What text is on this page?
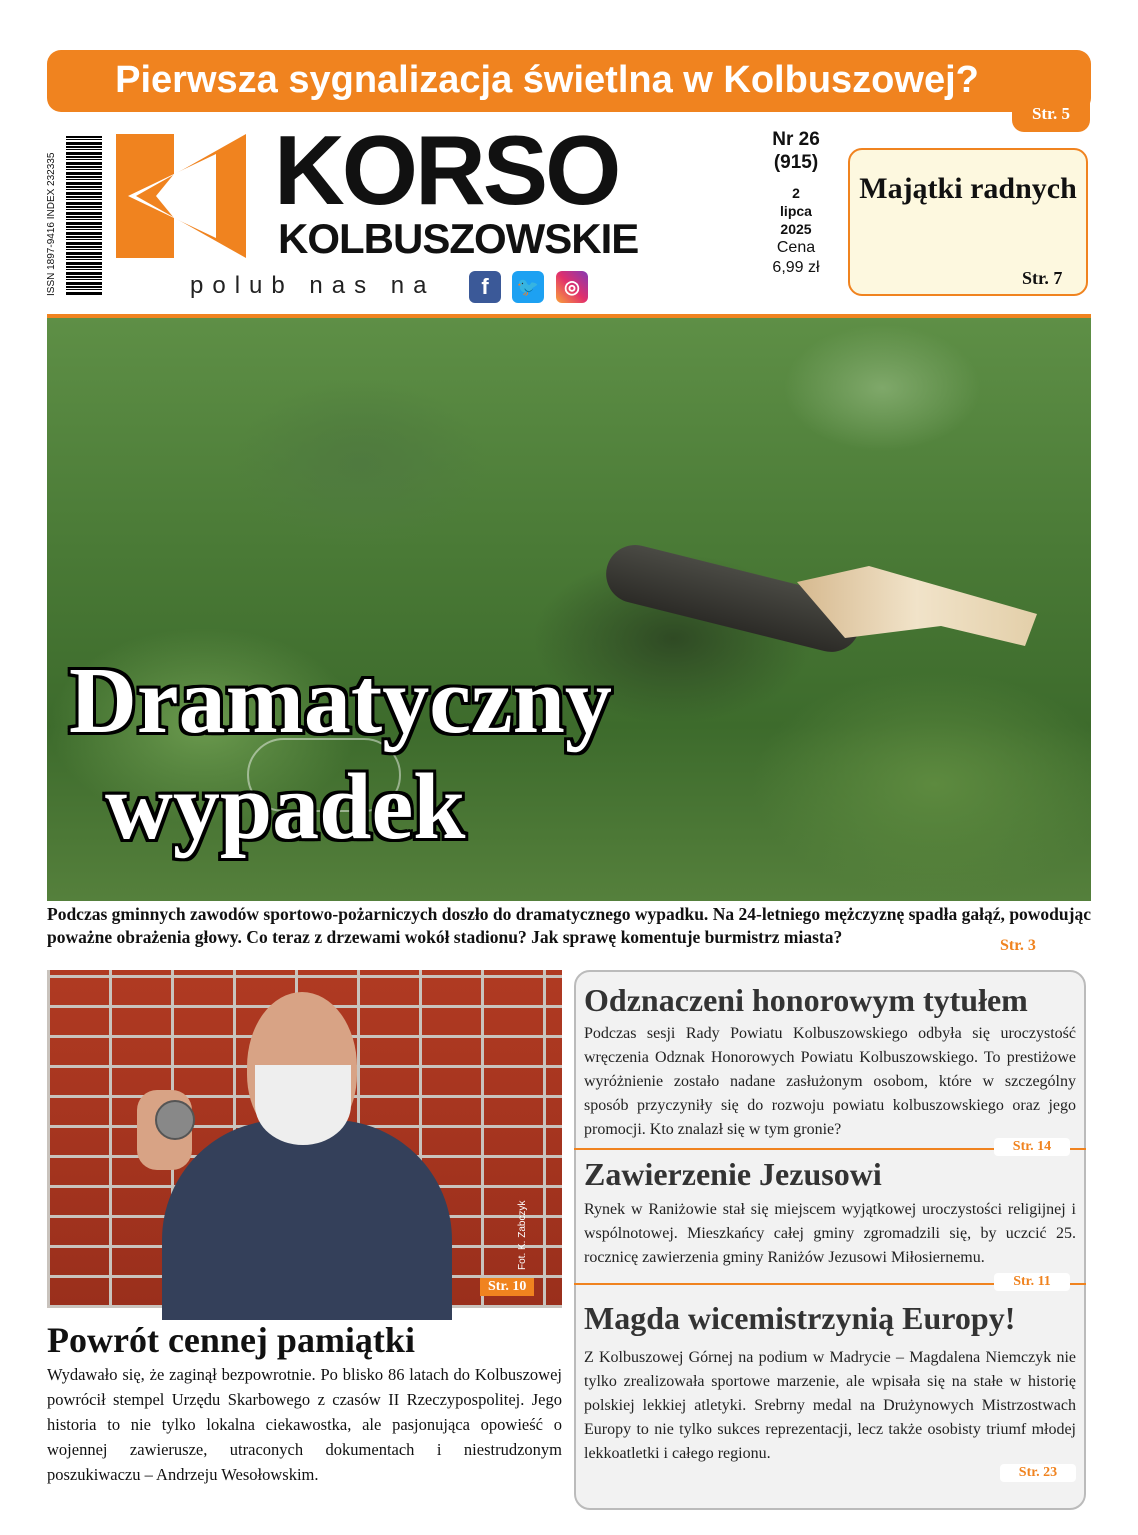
Pierwsza sygnalizacja świetlna w Kolbuszowej?
Str. 5
ISSN 1897-9416 INDEX 232335 KORSO
KOLBUSZOWSKIE
polub nas na	f	🐦	◎
Nr 26
(915)
2
lipca
2025
Cena
6,99 zł
Majątki radnych
Str. 7
Dramatyczny
wypadek	Fot. K. Zabczyk
Podczas gminnych zawodów sportowo-pożarniczych doszło do dramatycznego wypadku. Na 24-letniego mężczyznę spadła gałąź, powodując poważne obrażenia głowy. Co teraz z drzewami wokół stadionu? Jak sprawę komentuje burmistrz miasta?	Str. 3
Str. 10
Fot. K. Zabczyk
Powrót cennej pamiątki
Wydawało się, że zaginął bezpowrotnie. Po blisko 86 latach do Kolbuszowej powrócił stempel Urzędu Skarbowego z czasów II Rzeczypospolitej. Jego historia to nie tylko lokalna ciekawostka, ale pasjonująca opowieść o wojennej zawierusze, utraconych dokumentach i niestrudzonym poszukiwaczu – Andrzeju Wesołowskim.
Odznaczeni honorowym tytułem
Podczas sesji Rady Powiatu Kolbuszowskiego odbyła się uroczystość wręczenia Odznak Honorowych Powiatu Kolbuszowskiego. To prestiżowe wyróżnienie zostało nadane zasłużonym osobom, które w szczególny sposób przyczyniły się do rozwoju powiatu kolbuszowskiego oraz jego promocji. Kto znalazł się w tym gronie?
Str. 14
Zawierzenie Jezusowi
Rynek w Raniżowie stał się miejscem wyjątkowej uroczystości religijnej i wspólnotowej. Mieszkańcy całej gminy zgromadzili się, by uczcić 25. rocznicę zawierzenia gminy Raniżów Jezusowi Miłosiernemu.
Str. 11
Magda wicemistrzynią Europy!
Z Kolbuszowej Górnej na podium w Madrycie – Magdalena Niemczyk nie tylko zrealizowała sportowe marzenie, ale wpisała się na stałe w historię polskiej lekkiej atletyki. Srebrny medal na Drużynowych Mistrzostwach Europy to nie tylko sukces reprezentacji, lecz także osobisty triumf młodej lekkoatletki i całego regionu.
Str. 23
